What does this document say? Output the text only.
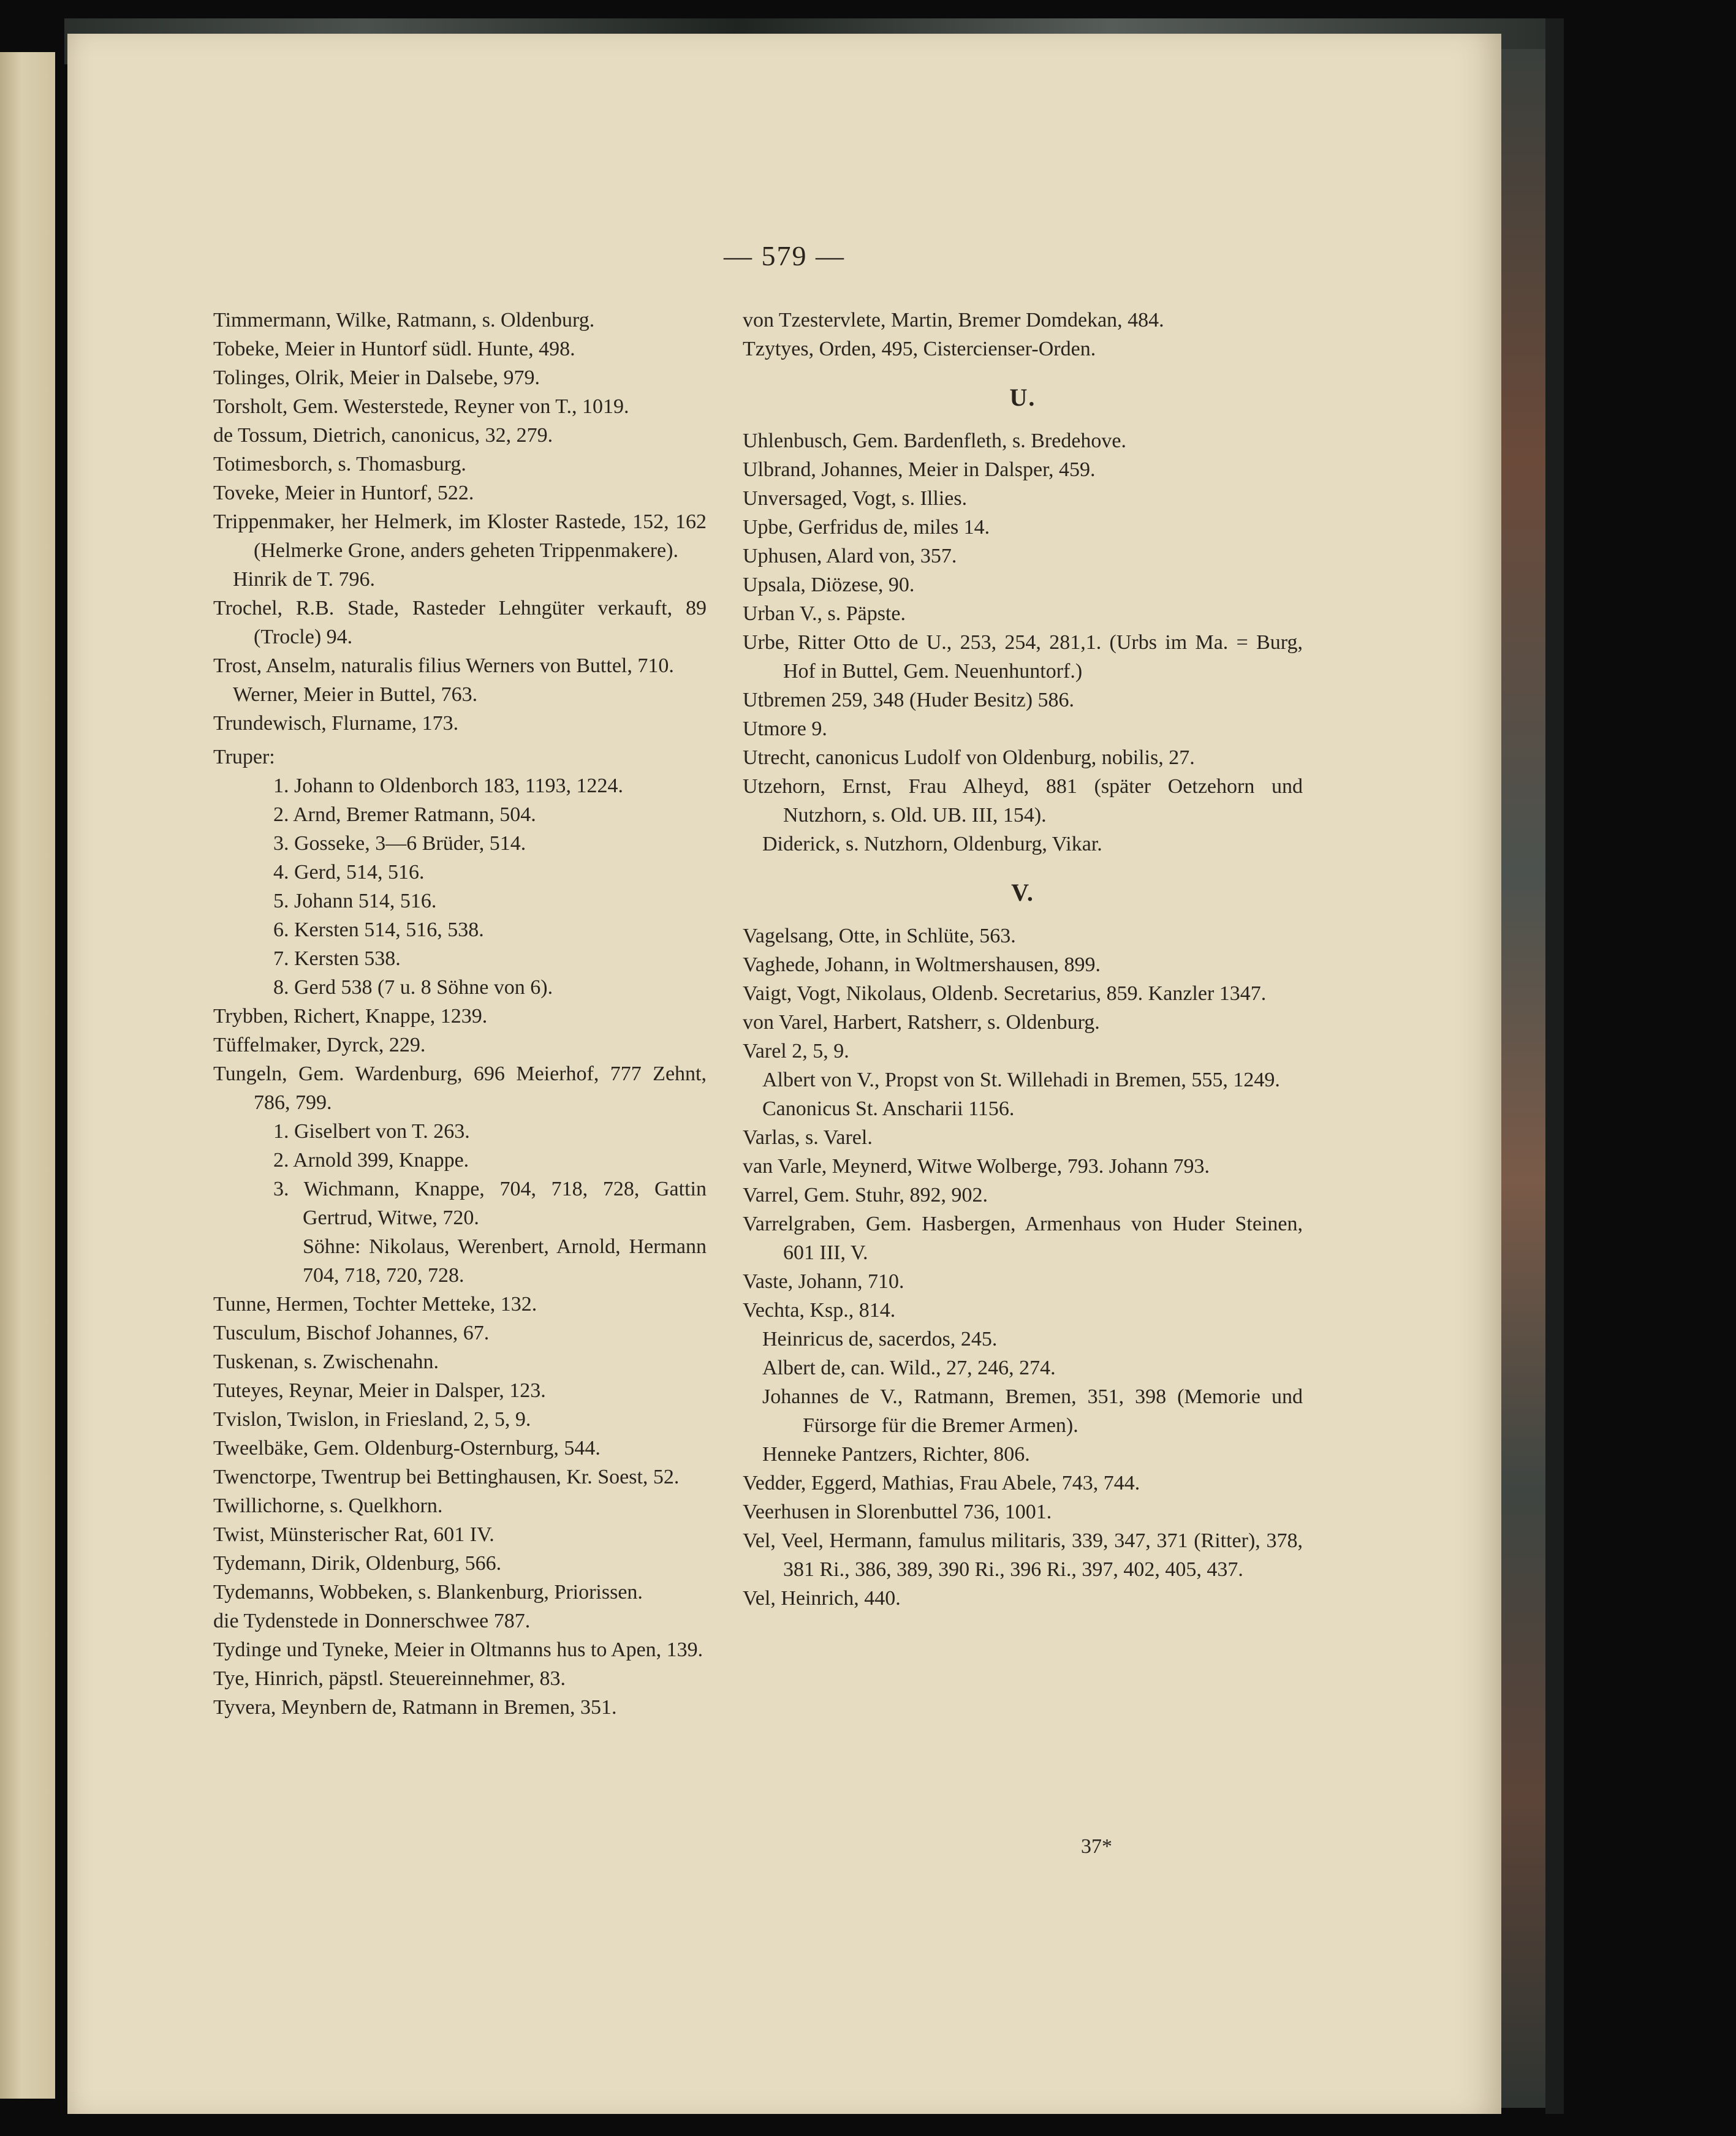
— 579 —

Timmermann, Wilke, Ratmann, s. Oldenburg.

Tobeke, Meier in Huntorf südl. Hunte, 498.

Tolinges, Olrik, Meier in Dalsebe, 979.

Torsholt, Gem. Westerstede, Reyner von T., 1019.

de Tossum, Dietrich, canonicus, 32, 279.

Totimesborch, s. Thomasburg.

Toveke, Meier in Huntorf, 522.

Trippenmaker, her Helmerk, im Kloster Rastede, 152, 162 (Helmerke Grone, anders geheten Trippenmakere).

Hinrik de T. 796.

Trochel, R.B. Stade, Rasteder Lehngüter verkauft, 89 (Trocle) 94.

Trost, Anselm, naturalis filius Werners von Buttel, 710.

Werner, Meier in Buttel, 763.

Trundewisch, Flurname, 173.

Truper:

1. Johann to Oldenborch 183, 1193, 1224.

2. Arnd, Bremer Ratmann, 504.

3. Gosseke, 3—6 Brüder, 514.

4. Gerd, 514, 516.

5. Johann 514, 516.

6. Kersten 514, 516, 538.

7. Kersten 538.

8. Gerd 538 (7 u. 8 Söhne von 6).

Trybben, Richert, Knappe, 1239.

Tüffelmaker, Dyrck, 229.

Tungeln, Gem. Wardenburg, 696 Meierhof, 777 Zehnt, 786, 799.

1. Giselbert von T. 263.

2. Arnold 399, Knappe.

3. Wichmann, Knappe, 704, 718, 728, Gattin Gertrud, Witwe, 720.

Söhne: Nikolaus, Werenbert, Arnold, Hermann 704, 718, 720, 728.

Tunne, Hermen, Tochter Metteke, 132.

Tusculum, Bischof Johannes, 67.

Tuskenan, s. Zwischenahn.

Tuteyes, Reynar, Meier in Dalsper, 123.

Tvislon, Twislon, in Friesland, 2, 5, 9.

Tweelbäke, Gem. Oldenburg-Osternburg, 544.

Twenctorpe, Twentrup bei Bettinghausen, Kr. Soest, 52.

Twillichorne, s. Quelkhorn.

Twist, Münsterischer Rat, 601 IV.

Tydemann, Dirik, Oldenburg, 566.

Tydemanns, Wobbeken, s. Blankenburg, Priorissen.

die Tydenstede in Donnerschwee 787.

Tydinge und Tyneke, Meier in Oltmanns hus to Apen, 139.

Tye, Hinrich, päpstl. Steuereinnehmer, 83.

Tyvera, Meynbern de, Ratmann in Bremen, 351.

von Tzestervlete, Martin, Bremer Domdekan, 484.

Tzytyes, Orden, 495, Cistercienser-Orden.

U.

Uhlenbusch, Gem. Bardenfleth, s. Bredehove.

Ulbrand, Johannes, Meier in Dalsper, 459.

Unversaged, Vogt, s. Illies.

Upbe, Gerfridus de, miles 14.

Uphusen, Alard von, 357.

Upsala, Diözese, 90.

Urban V., s. Päpste.

Urbe, Ritter Otto de U., 253, 254, 281,1. (Urbs im Ma. = Burg, Hof in Buttel, Gem. Neuenhuntorf.)

Utbremen 259, 348 (Huder Besitz) 586.

Utmore 9.

Utrecht, canonicus Ludolf von Oldenburg, nobilis, 27.

Utzehorn, Ernst, Frau Alheyd, 881 (später Oetzehorn und Nutzhorn, s. Old. UB. III, 154).

Diderick, s. Nutzhorn, Oldenburg, Vikar.

V.

Vagelsang, Otte, in Schlüte, 563.

Vaghede, Johann, in Woltmershausen, 899.

Vaigt, Vogt, Nikolaus, Oldenb. Secretarius, 859. Kanzler 1347.

von Varel, Harbert, Ratsherr, s. Oldenburg.

Varel 2, 5, 9.

Albert von V., Propst von St. Willehadi in Bremen, 555, 1249.

Canonicus St. Anscharii 1156.

Varlas, s. Varel.

van Varle, Meynerd, Witwe Wolberge, 793. Johann 793.

Varrel, Gem. Stuhr, 892, 902.

Varrelgraben, Gem. Hasbergen, Armenhaus von Huder Steinen, 601 III, V.

Vaste, Johann, 710.

Vechta, Ksp., 814.

Heinricus de, sacerdos, 245.

Albert de, can. Wild., 27, 246, 274.

Johannes de V., Ratmann, Bremen, 351, 398 (Memorie und Fürsorge für die Bremer Armen).

Henneke Pantzers, Richter, 806.

Vedder, Eggerd, Mathias, Frau Abele, 743, 744.

Veerhusen in Slorenbuttel 736, 1001.

Vel, Veel, Hermann, famulus militaris, 339, 347, 371 (Ritter), 378, 381 Ri., 386, 389, 390 Ri., 396 Ri., 397, 402, 405, 437.

Vel, Heinrich, 440.

37*
